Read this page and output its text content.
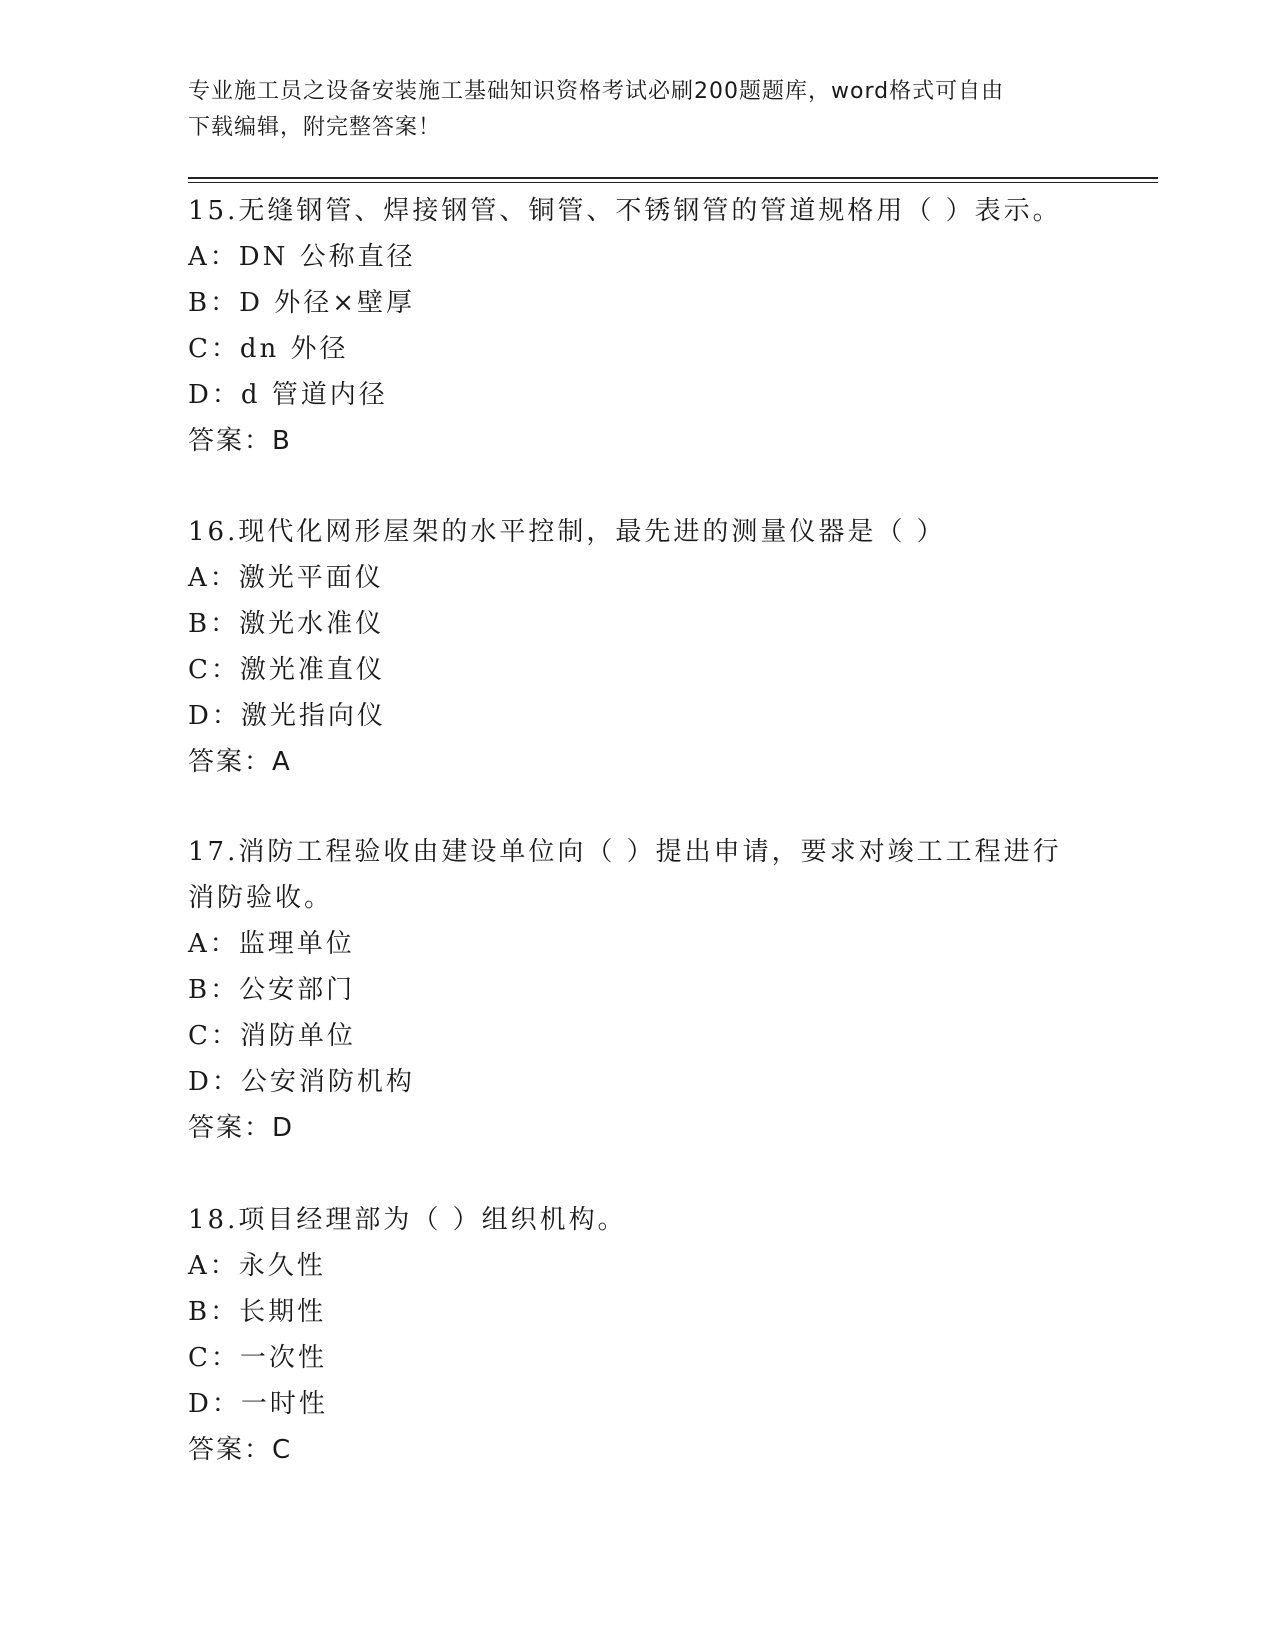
专业施工员之设备安装施工基础知识资格考试必刷200题题库，word格式可自由
下载编辑，附完整答案！
15.无缝钢管、焊接钢管、铜管、不锈钢管的管道规格用（ ）表示。
A：DN 公称直径
B：D 外径×壁厚
C：dn 外径
D：d 管道内径
答案：B
16.现代化网形屋架的水平控制，最先进的测量仪器是（ ）
A：激光平面仪
B：激光水准仪
C：激光准直仪
D：激光指向仪
答案：A
17.消防工程验收由建设单位向（ ）提出申请，要求对竣工工程进行
消防验收。
A：监理单位
B：公安部门
C：消防单位
D：公安消防机构
答案：D
18.项目经理部为（ ）组织机构。
A：永久性
B：长期性
C：一次性
D：一时性
答案：C
